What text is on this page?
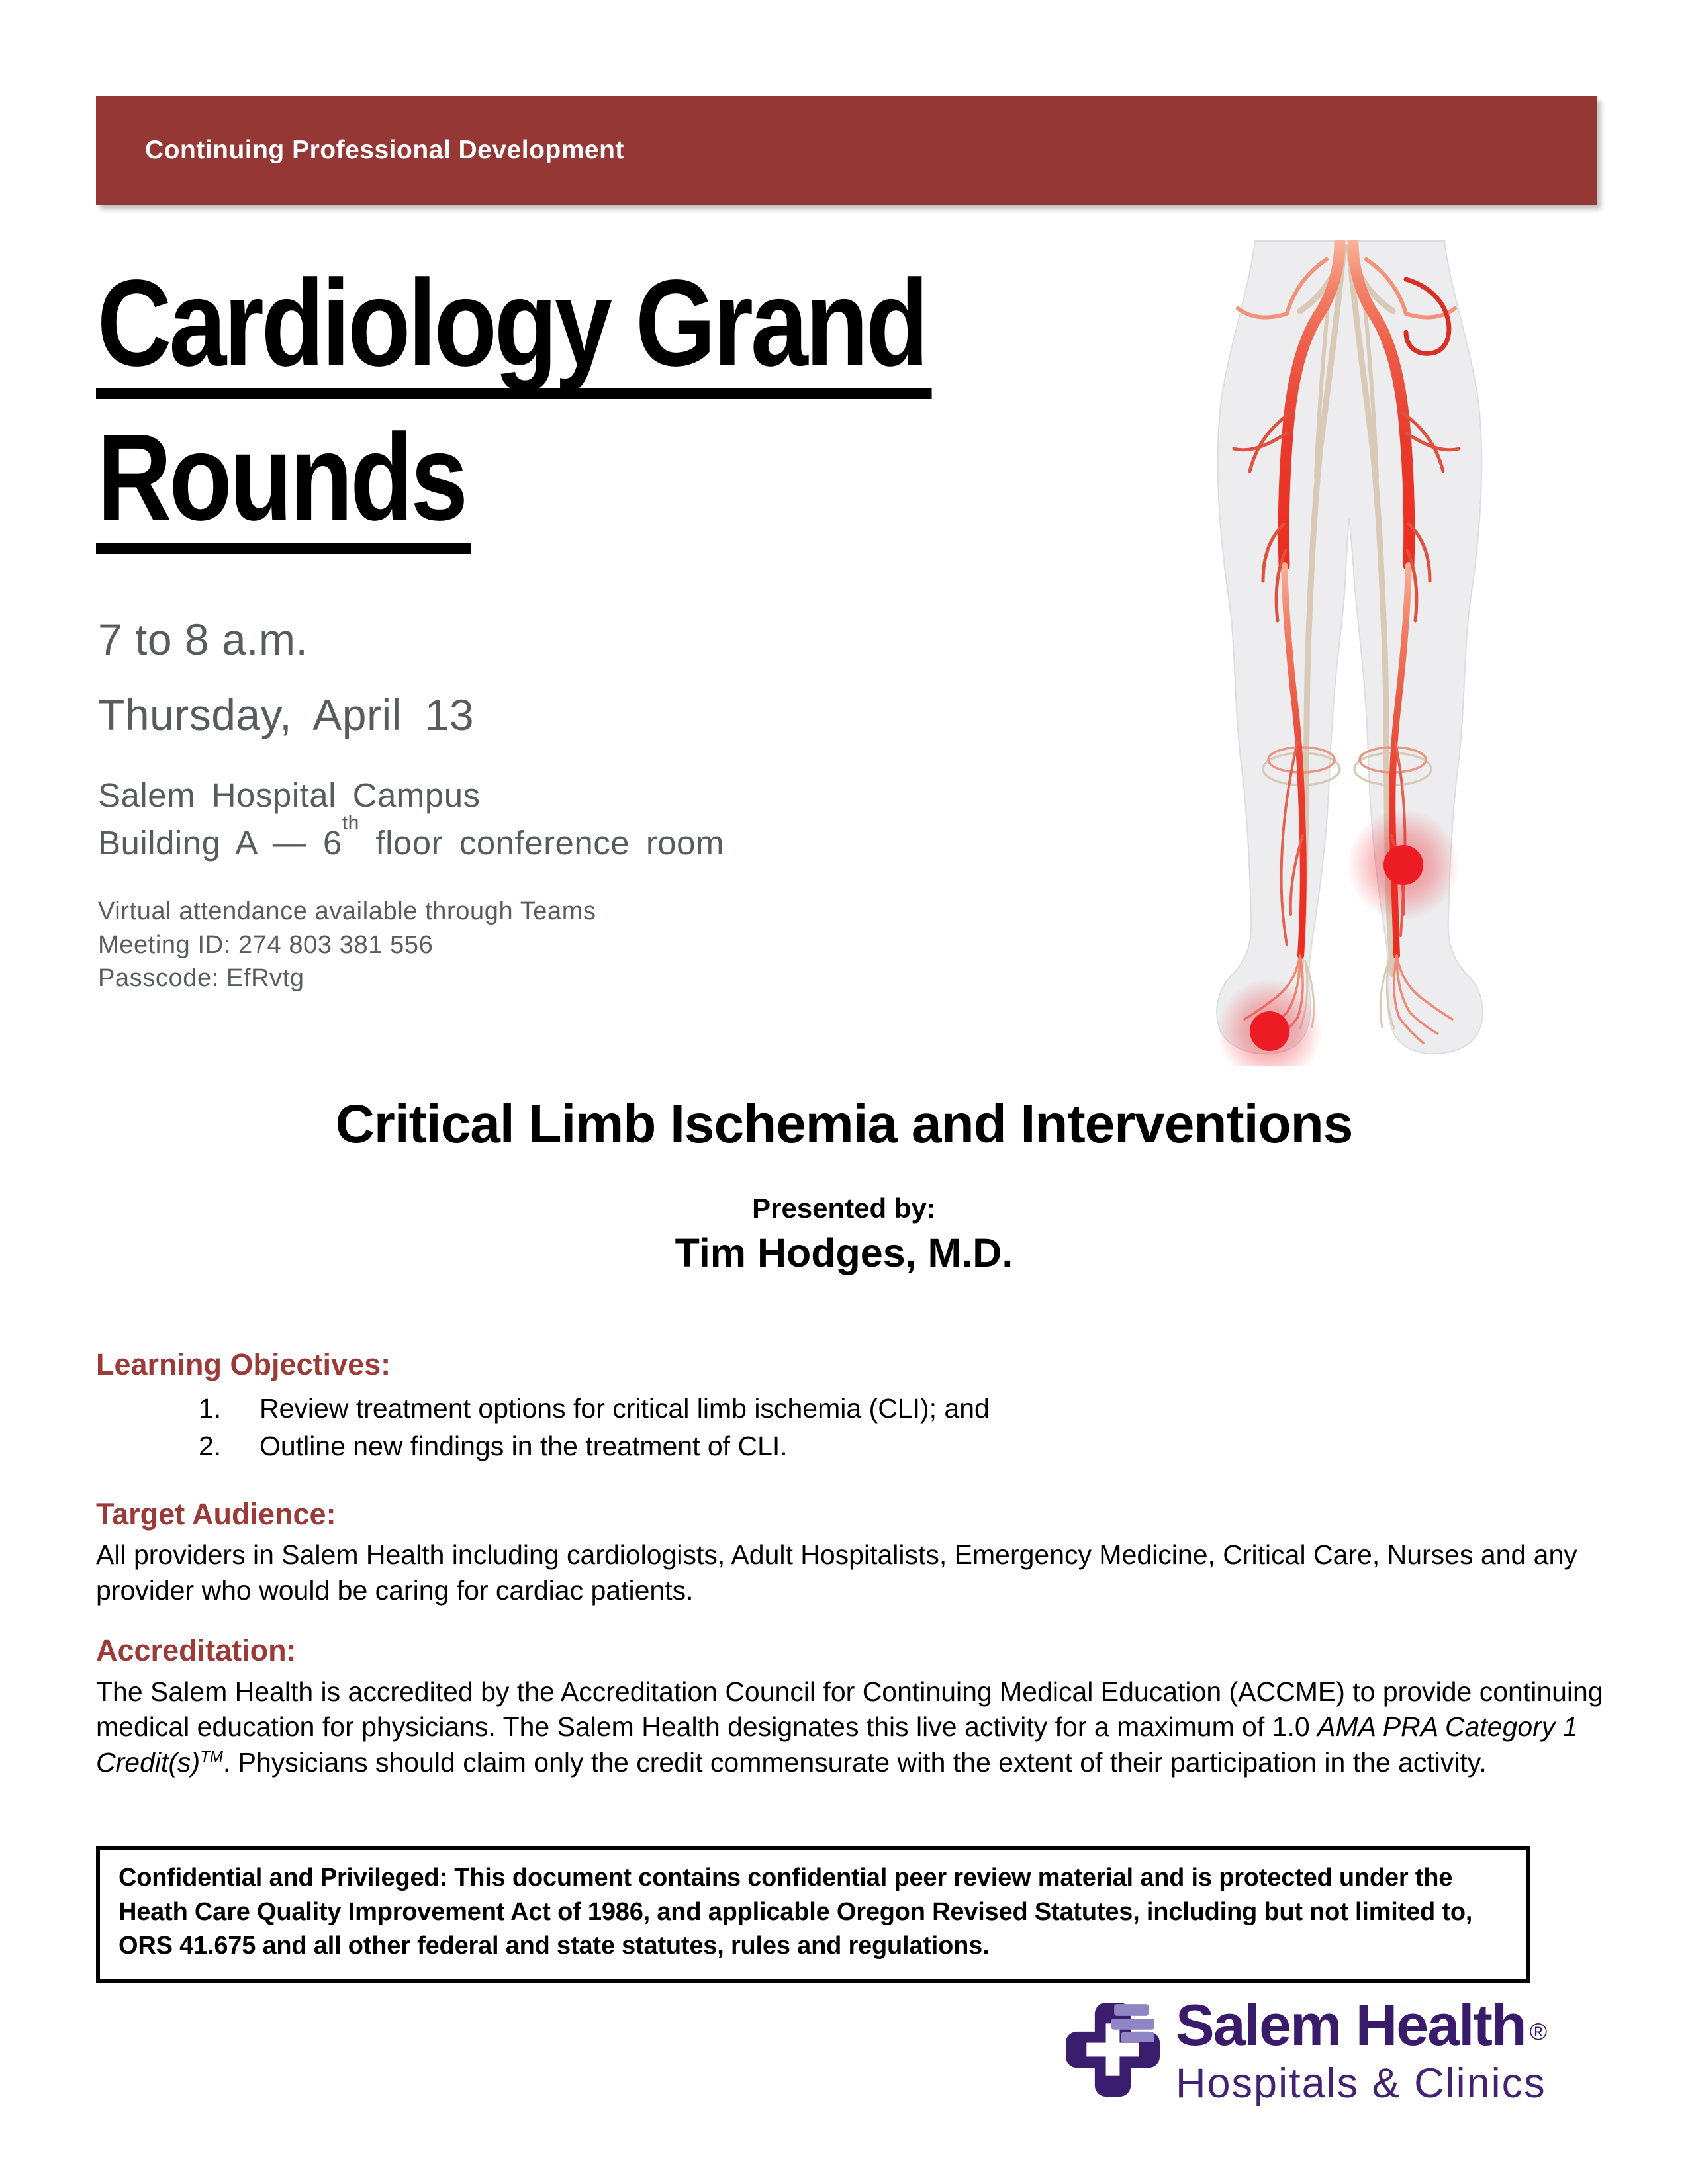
Continuing Professional Development
Cardiology Grand
Rounds
7 to 8 a.m.
Thursday, April 13
Salem Hospital Campus
Building A — 6th floor conference room
Virtual attendance available through Teams
Meeting ID: 274 803 381 556
Passcode: EfRvtg
Critical Limb Ischemia and Interventions
Presented by:
Tim Hodges, M.D.
Learning Objectives:
1.	Review treatment options for critical limb ischemia (CLI); and
2.	Outline new findings in the treatment of CLI.
Target Audience:
All providers in Salem Health including cardiologists, Adult Hospitalists, Emergency Medicine, Critical Care, Nurses and any provider who would be caring for cardiac patients.
Accreditation:

The Salem Health is accredited by the Accreditation Council for Continuing Medical Education (ACCME) to provide continuing medical education for physicians. The Salem Health designates this live activity for a maximum of 1.0 AMA PRA Category 1 Credit(s)™. Physicians should claim only the credit commensurate with the extent of their participation in the activity.

Confidential and Privileged: This document contains confidential peer review material and is protected under the Heath Care Quality Improvement Act of 1986, and applicable Oregon Revised Statutes, including but not limited to, ORS 41.675 and all other federal and state statutes, rules and regulations.
Salem Health ®
Hospitals & Clinics
